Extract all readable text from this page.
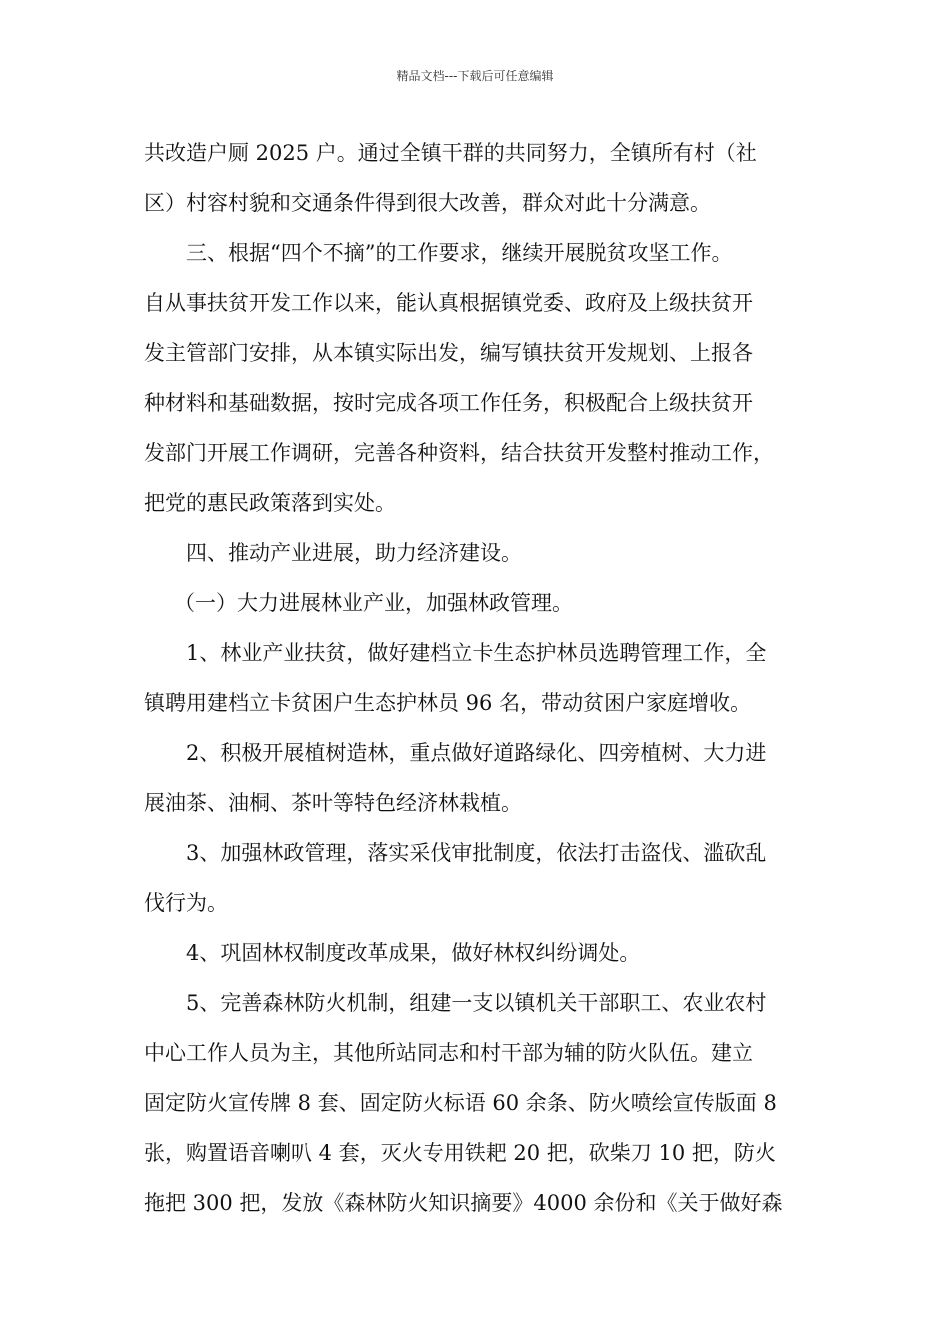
精品文档---下载后可任意编辑
共改造户厕 2025 户。通过全镇干群的共同努力，全镇所有村（社
区）村容村貌和交通条件得到很大改善，群众对此十分满意。
三、根据“四个不摘”的工作要求，继续开展脱贫攻坚工作。
自从事扶贫开发工作以来，能认真根据镇党委、政府及上级扶贫开
发主管部门安排，从本镇实际出发，编写镇扶贫开发规划、上报各
种材料和基础数据，按时完成各项工作任务，积极配合上级扶贫开
发部门开展工作调研，完善各种资料，结合扶贫开发整村推动工作，
把党的惠民政策落到实处。
四、推动产业进展，助力经济建设。
（一）大力进展林业产业，加强林政管理。
1、林业产业扶贫，做好建档立卡生态护林员选聘管理工作，全
镇聘用建档立卡贫困户生态护林员 96 名，带动贫困户家庭增收。
2、积极开展植树造林，重点做好道路绿化、四旁植树、大力进
展油茶、油桐、茶叶等特色经济林栽植。
3、加强林政管理，落实采伐审批制度，依法打击盗伐、滥砍乱
伐行为。
4、巩固林权制度改革成果，做好林权纠纷调处。
5、完善森林防火机制，组建一支以镇机关干部职工、农业农村
中心工作人员为主，其他所站同志和村干部为辅的防火队伍。建立
固定防火宣传牌 8 套、固定防火标语 60 余条、防火喷绘宣传版面 8
张，购置语音喇叭 4 套，灭火专用铁耙 20 把，砍柴刀 10 把，防火
拖把 300 把，发放《森林防火知识摘要》4000 余份和《关于做好森
